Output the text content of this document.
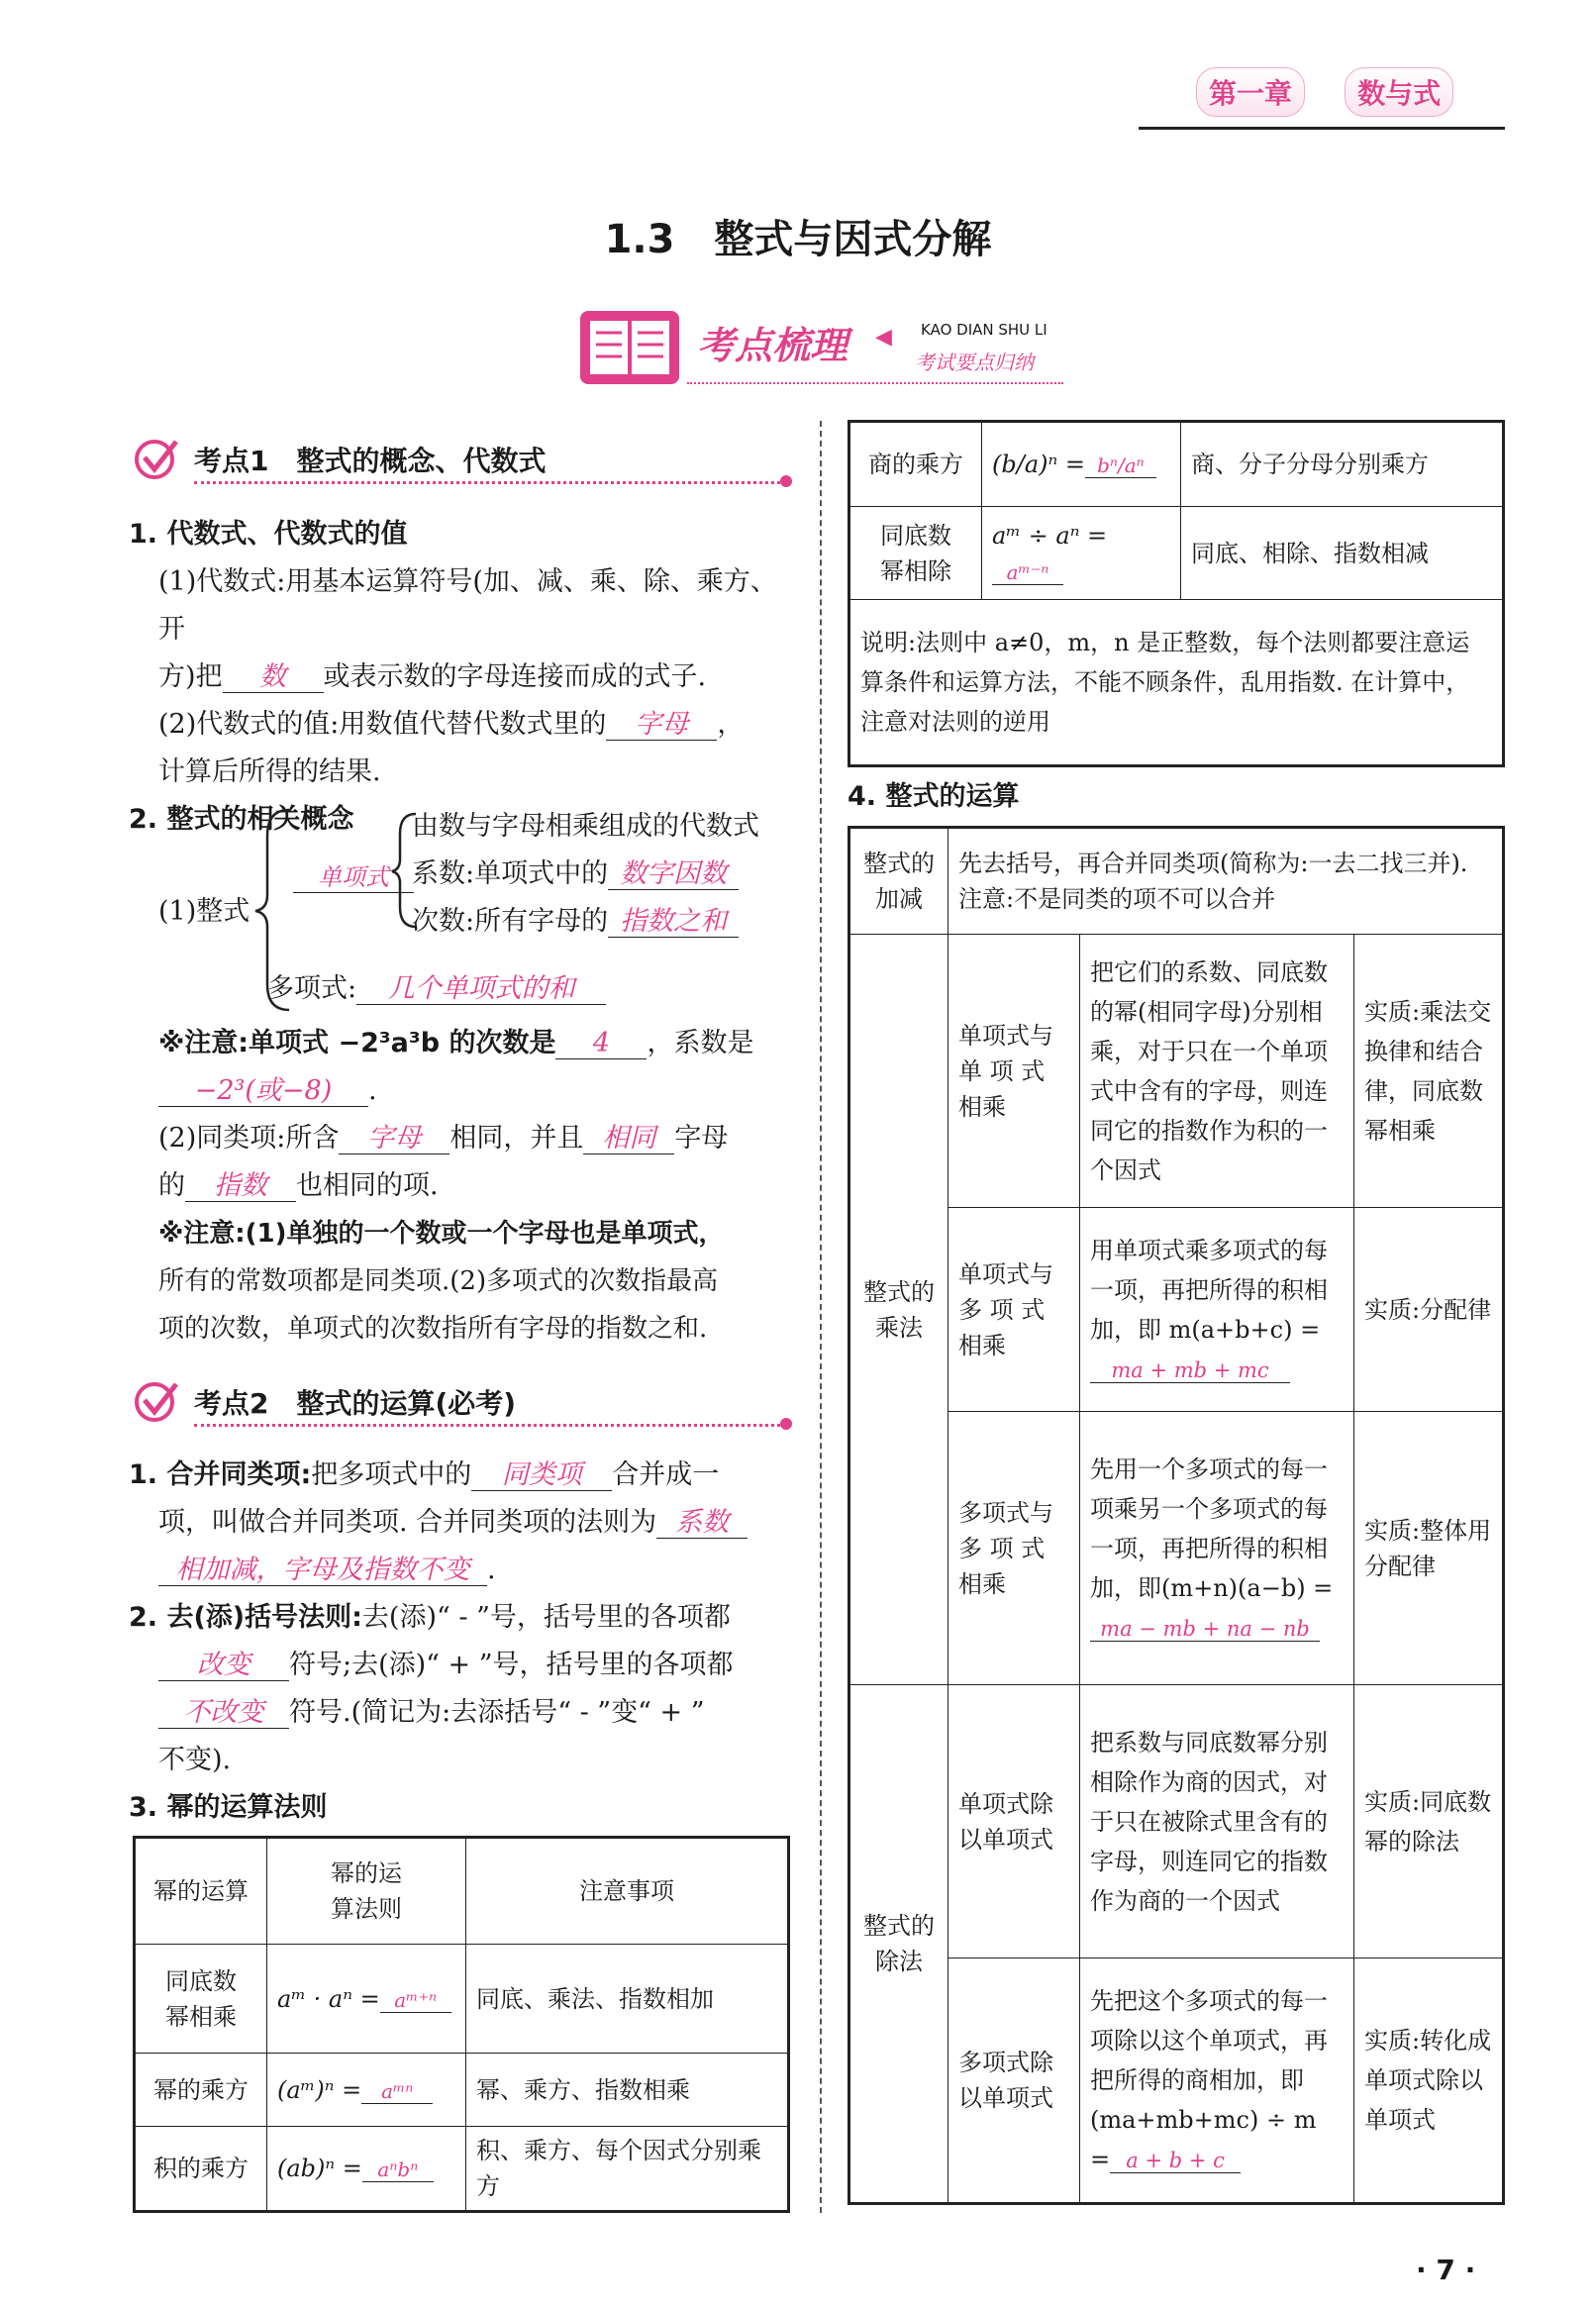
第一章 数与式
1.3　整式与因式分解
考点梳理 ◀ KAO DIAN SHU LI
考试要点归纳
考点1　整式的概念、代数式
1. 代数式、代数式的值
(1)代数式:用基本运算符号(加、减、乘、除、乘方、开
方)把 数 或表示数的字母连接而成的式子.
(2)代数式的值:用数值代替代数式里的 字母 ，
计算后所得的结果.
2. 整式的相关概念
(1)整式
单项式
由数与字母相乘组成的代数式
系数:单项式中的 数字因数
次数:所有字母的 指数之和
多项式: 几个单项式的和
※注意:单项式 −2³a³b 的次数是 4 ，系数是
−2³(或−8) .
(2)同类项:所含 字母 相同，并且 相同 字母
的 指数 也相同的项.
※注意:(1)单独的一个数或一个字母也是单项式，
所有的常数项都是同类项.(2)多项式的次数指最高
项的次数，单项式的次数指所有字母的指数之和.
考点2　整式的运算(必考)
1. 合并同类项:把多项式中的 同类项 合并成一
项，叫做合并同类项. 合并同类项的法则为 系数
相加减，字母及指数不变 .
2. 去(添)括号法则:去(添)“ - ”号，括号里的各项都
改变 符号;去(添)“ + ”号，括号里的各项都
不改变 符号.(简记为:去添括号“ - ”变“ + ”
不变).
3. 幂的运算法则
幂的运算	幂的运
算法则	注意事项
同底数
幂相乘	aᵐ · aⁿ = aᵐ⁺ⁿ	同底、乘法、指数相加
幂的乘方	(aᵐ)ⁿ = aᵐⁿ	幂、乘方、指数相乘
积的乘方	(ab)ⁿ = aⁿbⁿ	积、乘方、每个因式分别乘方
商的乘方	(b/a)ⁿ = bⁿ/aⁿ	商、分子分母分别乘方
同底数
幂相除	aᵐ ÷ aⁿ =aᵐ⁻ⁿ	同底、相除、指数相减
说明:法则中 a≠0，m，n 是正整数，每个法则都要注意运算条件和运算方法，不能不顾条件，乱用指数. 在计算中，注意对法则的逆用		
4. 整式的运算
整式的
加减	先去括号，再合并同类项(简称为:一去二找三并).
注意:不是同类的项不可以合并		
整式的
乘法	单项式与
单 项 式
相乘	把它们的系数、同底数的幂(相同字母)分别相乘，对于只在一个单项式中含有的字母，则连同它的指数作为积的一个因式	实质:乘法交换律和结合律，同底数幂相乘
	单项式与
多 项 式
相乘	用单项式乘多项式的每一项，再把所得的积相加，即 m(a+b+c) =ma + mb + mc	实质:分配律
	多项式与
多 项 式
相乘	先用一个多项式的每一项乘另一个多项式的每一项，再把所得的积相加，即(m+n)(a−b) =ma − mb + na − nb	实质:整体用分配律
整式的
除法	单项式除
以单项式	把系数与同底数幂分别相除作为商的因式，对于只在被除式里含有的字母，则连同它的指数作为商的一个因式	实质:同底数幂的除法
	多项式除
以单项式	先把这个多项式的每一项除以这个单项式，再把所得的商相加，即(ma+mb+mc) ÷ m = a + b + c	实质:转化成单项式除以单项式
· 7 ·
